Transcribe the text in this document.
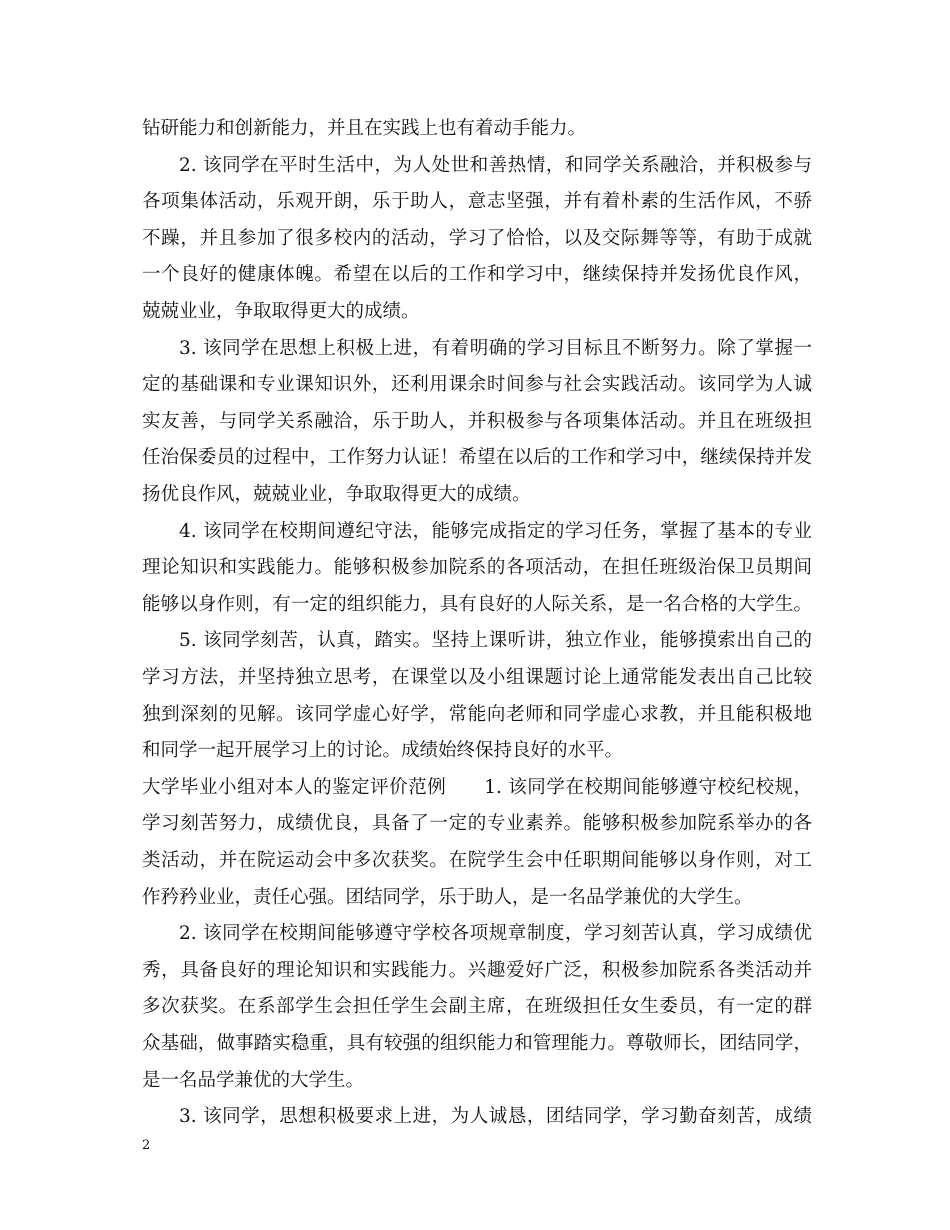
钻研能力和创新能力，并且在实践上也有着动手能力。
2. 该同学在平时生活中，为人处世和善热情，和同学关系融洽，并积极参与
各项集体活动，乐观开朗，乐于助人，意志坚强，并有着朴素的生活作风，不骄
不躁，并且参加了很多校内的活动，学习了恰恰，以及交际舞等等，有助于成就
一个良好的健康体魄。希望在以后的工作和学习中，继续保持并发扬优良作风，
兢兢业业，争取取得更大的成绩。
3. 该同学在思想上积极上进，有着明确的学习目标且不断努力。除了掌握一
定的基础课和专业课知识外，还利用课余时间参与社会实践活动。该同学为人诚
实友善，与同学关系融洽，乐于助人，并积极参与各项集体活动。并且在班级担
任治保委员的过程中，工作努力认证！希望在以后的工作和学习中，继续保持并发
扬优良作风，兢兢业业，争取取得更大的成绩。
4. 该同学在校期间遵纪守法，能够完成指定的学习任务，掌握了基本的专业
理论知识和实践能力。能够积极参加院系的各项活动，在担任班级治保卫员期间
能够以身作则，有一定的组织能力，具有良好的人际关系，是一名合格的大学生。
5. 该同学刻苦，认真，踏实。坚持上课听讲，独立作业，能够摸索出自己的
学习方法，并坚持独立思考，在课堂以及小组课题讨论上通常能发表出自己比较
独到深刻的见解。该同学虚心好学，常能向老师和同学虚心求教，并且能积极地
和同学一起开展学习上的讨论。成绩始终保持良好的水平。
大学毕业小组对本人的鉴定评价范例　　1. 该同学在校期间能够遵守校纪校规，
学习刻苦努力，成绩优良，具备了一定的专业素养。能够积极参加院系举办的各
类活动，并在院运动会中多次获奖。在院学生会中任职期间能够以身作则，对工
作矜矜业业，责任心强。团结同学，乐于助人，是一名品学兼优的大学生。
2. 该同学在校期间能够遵守学校各项规章制度，学习刻苦认真，学习成绩优
秀，具备良好的理论知识和实践能力。兴趣爱好广泛，积极参加院系各类活动并
多次获奖。在系部学生会担任学生会副主席，在班级担任女生委员，有一定的群
众基础，做事踏实稳重，具有较强的组织能力和管理能力。尊敬师长，团结同学，
是一名品学兼优的大学生。
3. 该同学，思想积极要求上进，为人诚恳，团结同学，学习勤奋刻苦，成绩
2
